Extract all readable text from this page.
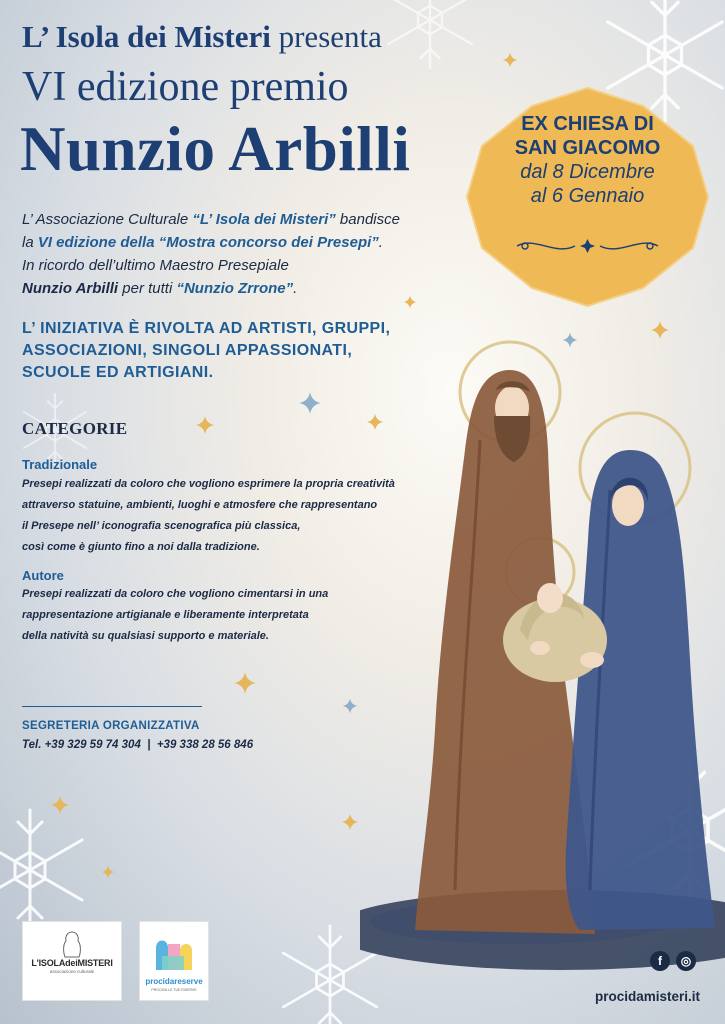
L’ Isola dei Misteri presenta
VI edizione premio
Nunzio Arbilli	EX CHIESA DI
SAN GIACOMO
dal 8 Dicembre
al 6 Gennaio

L’ Associazione Culturale “L’ Isola dei Misteri” bandisce

la VI edizione della “Mostra concorso dei Presepi”.

In ricordo dell’ultimo Maestro Presepiale

Nunzio Arbilli per tutti “Nunzio Zrrone”.

L’ INIZIATIVA È RIVOLTA AD ARTISTI, GRUPPI,
ASSOCIAZIONI, SINGOLI APPASSIONATI,
SCUOLE ED ARTIGIANI.
CATEGORIE
Tradizionale
Presepi realizzati da coloro che vogliono esprimere la propria creatività
attraverso statuine, ambienti, luoghi e atmosfere che rappresentano
il Presepe nell’ iconografia scenografica più classica,
così come è giunto fino a noi dalla tradizione.
Autore
Presepi realizzati da coloro che vogliono cimentarsi in una
rappresentazione artigianale e liberamente interpretata
della natività su qualsiasi supporto e materiale.
SEGRETERIA ORGANIZZATIVA
Tel. +39 329 59 74 304 | +39 338 28 56 846
L'ISOLAdeiMISTERI
associazione culturale
procidareserve
PROCIDA LE TUE RISERVE
f	◎
procidamisteri.it
